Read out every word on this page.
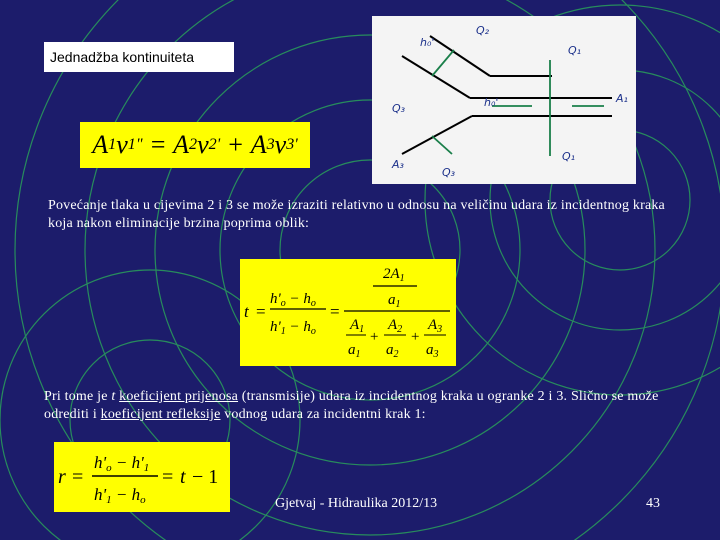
Jednadžba kontinuiteta
A 1 v 1 " = A 2 v 2 ' + A 3 v 3 '
Q₁
A₁
Q₁
Q₂
h₀'
h₀'
Q₃
A₃
Q₃
Povećanje tlaka u cijevima 2 i 3 se može izraziti relativno u odnosu na veličinu udara iz incidentnog kraka koja nakon eliminacije brzina poprima oblik:
t =
$h'_o - h_o$
$h'_1 - h_o$
=
$2A_1$
$a_1$
$A_1$
$a_1$
+
$A_2$
$a_2$
+
$A_3$
$a_3$
Pri tome je t koeficijent prijenosa (transmisije) udara iz incidentnog kraka u ogranke 2 i 3. Slično se može odrediti i koeficijent refleksije vodnog udara za incidentni krak 1:
r =
h'o − h'1
h'1 − ho
= t − 1
Gjetvaj - Hidraulika 2012/13	43
